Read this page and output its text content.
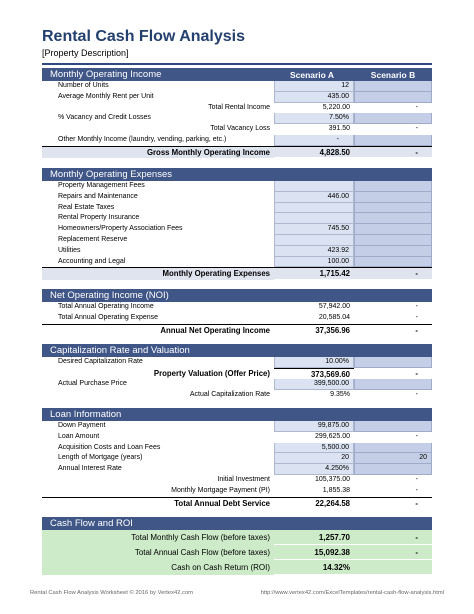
Rental Cash Flow Analysis
[Property Description]
Monthly Operating Income	Scenario A	Scenario B
Number of Units	12
Average Monthly Rent per Unit	435.00
Total Rental Income	5,220.00	-
% Vacancy and Credit Losses	7.50%
Total Vacancy Loss	391.50	-
Other Monthly Income (laundry, vending, parking, etc.)	-
Gross Monthly Operating Income	4,828.50	-
Monthly Operating Expenses
Property Management Fees
Repairs and Maintenance	446.00
Real Estate Taxes
Rental Property Insurance
Homeowners/Property Association Fees	745.50
Replacement Reserve
Utilities	423.92
Accounting and Legal	100.00
Monthly Operating Expenses	1,715.42	-
Net Operating Income (NOI)
Total Annual Operating Income	57,942.00	-
Total Annual Operating Expense	20,585.04	-
Annual Net Operating Income	37,356.96	-
Capitalization Rate and Valuation
Desired Capitalization Rate	10.00%
Property Valuation (Offer Price)	373,569.60	-
Actual Purchase Price	399,500.00
Actual Capitalization Rate	9.35%	-
Loan Information
Down Payment	99,875.00
Loan Amount	299,625.00	-
Acquisition Costs and Loan Fees	5,500.00
Length of Mortgage (years)	20	20
Annual Interest Rate	4.250%
Initial Investment	105,375.00	-
Monthly Mortgage Payment (PI)	1,855.38	-
Total Annual Debt Service	22,264.58	-
Cash Flow and ROI
Total Monthly Cash Flow (before taxes)	1,257.70	-
Total Annual Cash Flow (before taxes)	15,092.38	-
Cash on Cash Return (ROI)	14.32%
Rental Cash Flow Analysis Worksheet © 2016 by Vertex42.com	http://www.vertex42.com/ExcelTemplates/rental-cash-flow-analysis.html
